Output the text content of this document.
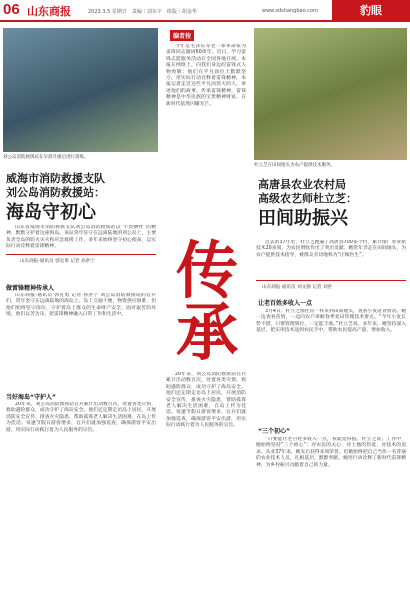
06 山东商报	2023.3.5 星期日　责编｜刘东宇　组版｜胡金华	www.sdshangbao.com	豹眼
刘公岛消防救援站在早晨升旗后进行训练。
编者按

今年是毛泽东等老一辈革命家为雷锋同志题词60周年。近日，学习雷锋志愿服务活动在全国各地开展。本报在网络上，向我们身边的雷锋式人物致敬：他们在平凡岗位上默默坚守，用实际行动诠释着雷锋精神。本报记者走近这些平凡而伟大的人，讲述他们的故事，传承雷锋精神。雷锋精神是中华民族的宝贵精神财富，在新时代依然闪耀光芒。

威海市消防救援支队
刘公岛消防救援站：
海岛守初心

山东省威海市消防救援支队刘公岛消防救援站以“不畏牺牲”的精神，默默守护着这座海岛。该站常年驻守在远离陆地的刘公岛上，主要负责全岛的防火灭火和应急救援工作，多年来始终坚守初心使命，以实际行动诠释着雷锋精神。

山东商报·通讯员 郭克勇 记者 孙洪宁 传
承
杜立芝在田间地头为农户提供技术服务。
高唐县农业农村局
高级农艺师杜立芝：
田间助振兴

过去的37年里，杜立芝跑遍了高唐县700多个村，累计推广农业新技术20多项，为农民增收作出了突出贡献。她常年奔走在田间地头，为农户提供技术指导，被群众亲切地称为“庄稼医生”。

山东商报·通讯员 刘文静 记者 刘洪
做雷锋精神传承人

山东商报·通讯员 郭克勇 记者 孙洪宁 刘公岛消防救援站的官兵们，常年坚守在远离陆地的海岛上。岛上交通不便，物资供应困难，但他们始终坚守岗位，守护着岛上群众的生命财产安全。面对艰苦的环境，他们以苦为乐，把雷锋精神融入日常工作和生活中。

当好海岛“守护人”

20年来，刘公岛消防救援站官兵累计出动数百次，处置各类灾情，救助遇险群众，成功守护了海岛安全。他们还定期走访岛上居民，开展消防安全宣传，排查火灾隐患，帮助孤寡老人解决生活困难，在岛上传为佳话。每逢节假日游客增多，官兵们就加强巡查，确保游客平安出游，用实际行动践行着为人民服务的宗旨。

20年来，刘公岛消防救援站官兵累计出动数百次，处置各类灾情，救助遇险群众，成功守护了海岛安全。他们还定期走访岛上居民，开展消防安全宣传，排查火灾隐患，帮助孤寡老人解决生活困难，在岛上传为佳话。每逢节假日游客增多，官兵们就加强巡查，确保游客平安出游，用实际行动践行着为人民服务的宗旨。

让老百姓多收入一点

3月4日，杜立芝像往常一样来到田间地头，查看小麦返青情况。她一边查看苗情，一边向农户讲解春季麦田管理技术要点。“今年小麦长势不错，只要管理到位，一定能丰收。”杜立芝说。多年来，她坚持深入基层，把实用技术送到农民手中，帮助农民提高产量、增加收入。

“三个初心”

“只要能让老百姓多收入一点，我就觉得值。”杜立芝说。工作中，她始终坚持“三个初心”：对农民的关心、对土地的热爱、对技术的追求。从业37年来，她先后获得多项荣誉，但她始终把自己当作一名普通的农业技术人员，扎根基层，默默奉献。她用行动诠释了新时代雷锋精神，为乡村振兴贡献着自己的力量。
